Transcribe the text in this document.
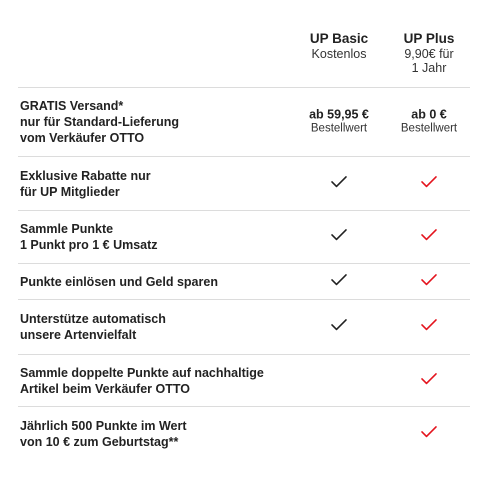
UP Basic
Kostenlos
UP Plus
9,90€ für
1 Jahr
GRATIS Versand*
nur für Standard-Lieferung
vom Verkäufer OTTO
ab 59,95 €
Bestellwert
ab 0 €
Bestellwert
Exklusive Rabatte nur
für UP Mitglieder
Sammle Punkte
1 Punkt pro 1 € Umsatz
Punkte einlösen und Geld sparen
Unterstütze automatisch
unsere Artenvielfalt
Sammle doppelte Punkte auf nachhaltige
Artikel beim Verkäufer OTTO
Jährlich 500 Punkte im Wert
von 10 € zum Geburtstag**
